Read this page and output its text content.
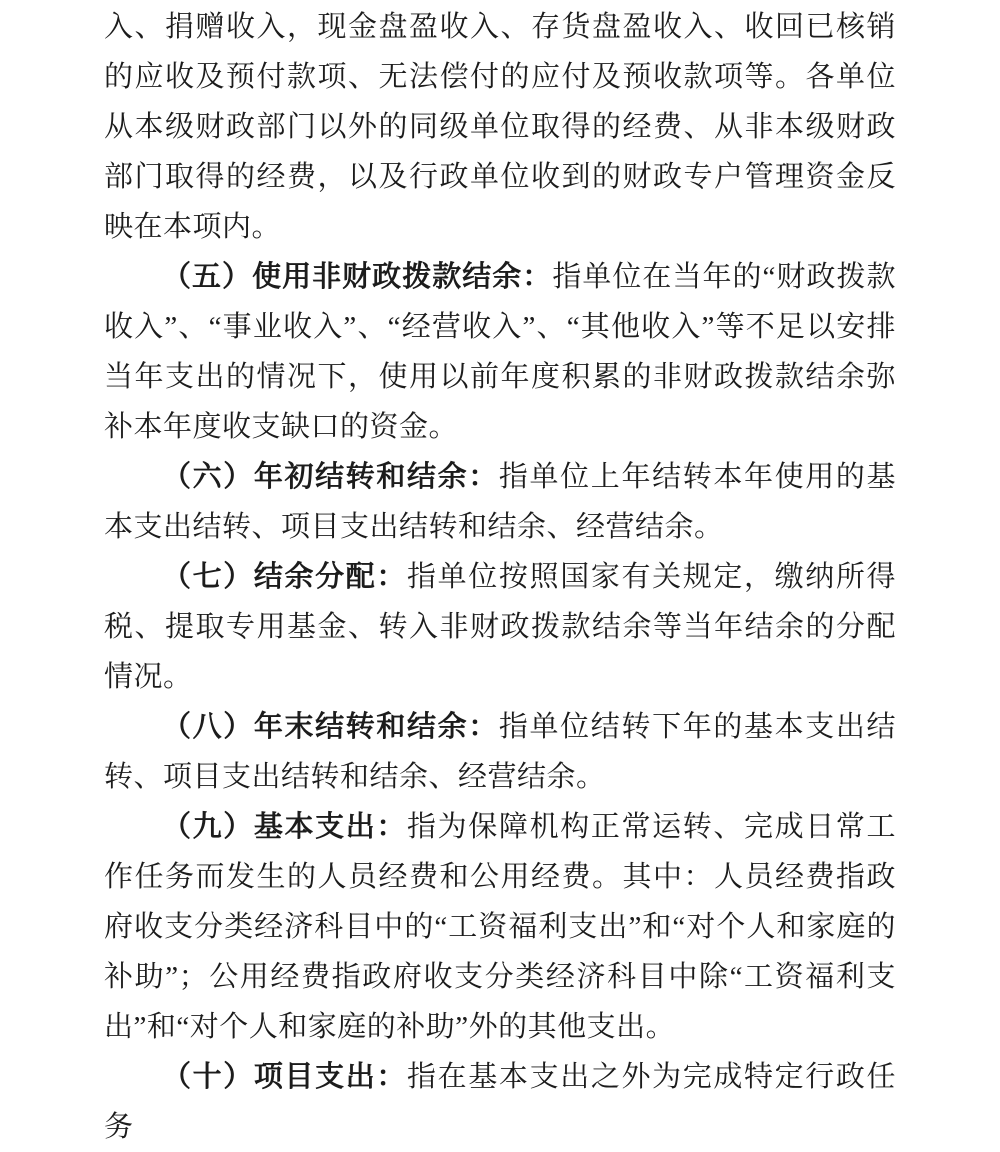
入、捐赠收入，现金盘盈收入、存货盘盈收入、收回已核销的应收及预付款项、无法偿付的应付及预收款项等。各单位从本级财政部门以外的同级单位取得的经费、从非本级财政部门取得的经费，以及行政单位收到的财政专户管理资金反映在本项内。

（五）使用非财政拨款结余：指单位在当年的“财政拨款收入”、“事业收入”、“经营收入”、“其他收入”等不足以安排当年支出的情况下，使用以前年度积累的非财政拨款结余弥补本年度收支缺口的资金。

（六）年初结转和结余：指单位上年结转本年使用的基本支出结转、项目支出结转和结余、经营结余。

（七）结余分配：指单位按照国家有关规定，缴纳所得税、提取专用基金、转入非财政拨款结余等当年结余的分配情况。

（八）年末结转和结余：指单位结转下年的基本支出结转、项目支出结转和结余、经营结余。

（九）基本支出：指为保障机构正常运转、完成日常工作任务而发生的人员经费和公用经费。其中：人员经费指政府收支分类经济科目中的“工资福利支出”和“对个人和家庭的补助”；公用经费指政府收支分类经济科目中除“工资福利支出”和“对个人和家庭的补助”外的其他支出。

（十）项目支出：指在基本支出之外为完成特定行政任务
